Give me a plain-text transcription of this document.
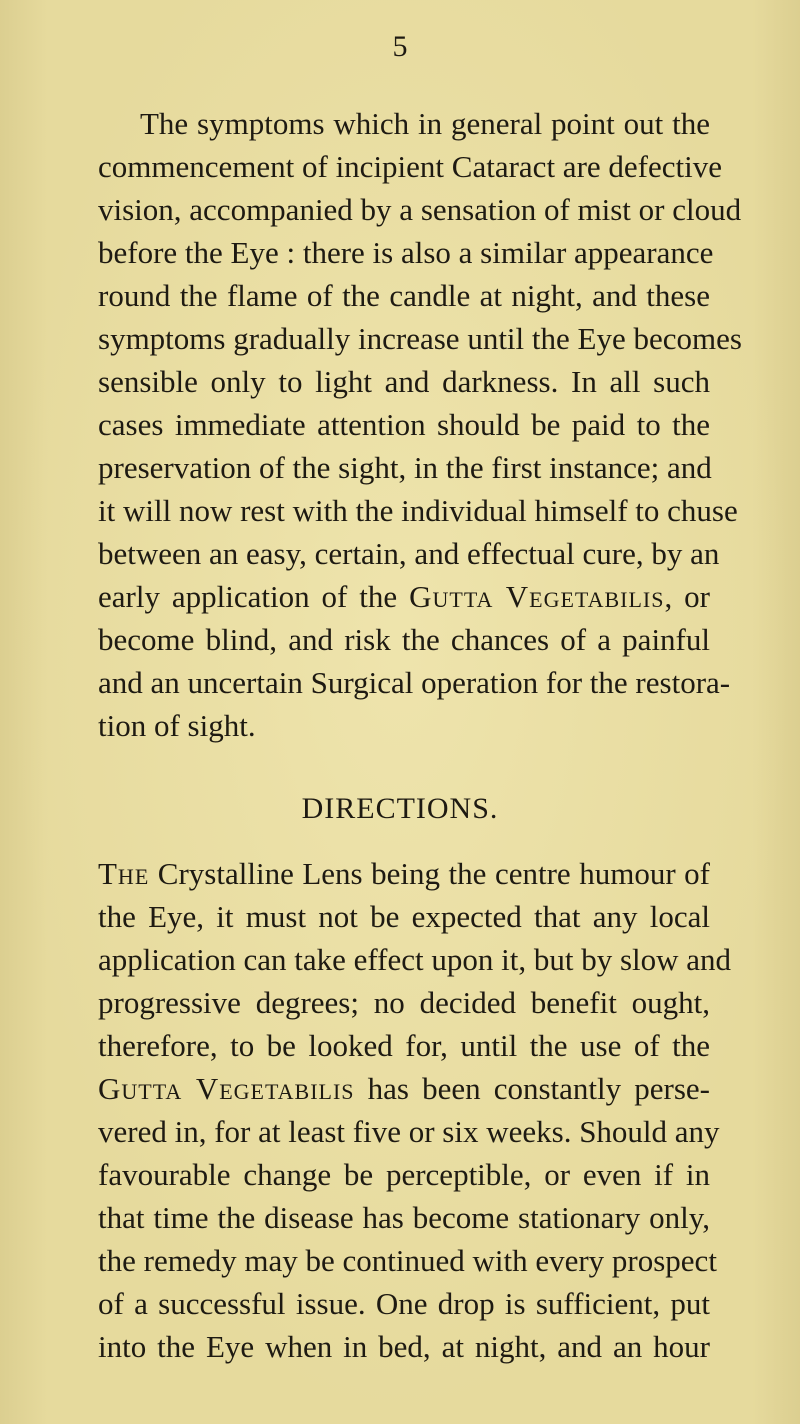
5
The symptoms which in general point out the
commencement of incipient Cataract are defective
vision, accompanied by a sensation of mist or cloud
before the Eye : there is also a similar appearance
round the flame of the candle at night, and these
symptoms gradually increase until the Eye becomes
sensible only to light and darkness. In all such
cases immediate attention should be paid to the
preservation of the sight, in the first instance; and
it will now rest with the individual himself to chuse
between an easy, certain, and effectual cure, by an
early application of the Gutta Vegetabilis, or
become blind, and risk the chances of a painful
and an uncertain Surgical operation for the restora-
tion of sight.
DIRECTIONS.
The Crystalline Lens being the centre humour of
the Eye, it must not be expected that any local
application can take effect upon it, but by slow and
progressive degrees; no decided benefit ought,
therefore, to be looked for, until the use of the
Gutta Vegetabilis has been constantly perse-
vered in, for at least five or six weeks. Should any
favourable change be perceptible, or even if in
that time the disease has become stationary only,
the remedy may be continued with every prospect
of a successful issue. One drop is sufficient, put
into the Eye when in bed, at night, and an hour
